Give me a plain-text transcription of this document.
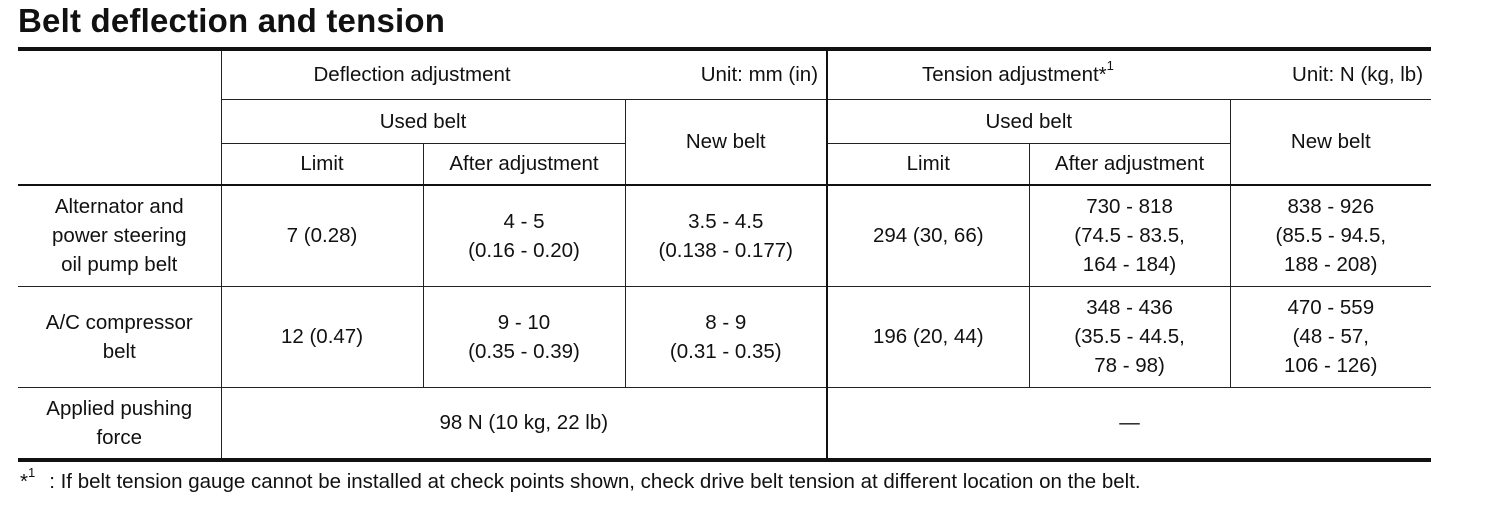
Belt deflection and tension

	Deflection adjustment Unit: mm (in)			Tension adjustment*$^1$ Unit: N (kg, lb)		

	Used belt		New belt	Used belt		New belt
	Limit	After adjustment		Limit	After adjustment	

Alternator and
power steering
oil pump belt	7 (0.28)	4 - 5
(0.16 - 0.20)	3.5 - 4.5
(0.138 - 0.177)	294 (30, 66)	730 - 818
(74.5 - 83.5,
164 - 184)	838 - 926
(85.5 - 94.5,
188 - 208)

A/C compressor
belt	12 (0.47)	9 - 10
(0.35 - 0.39)	8 - 9
(0.31 - 0.35)	196 (20, 44)	348 - 436
(35.5 - 44.5,
78 - 98)	470 - 559
(48 - 57,
106 - 126)

Applied pushing
force	98 N (10 kg, 22 lb)			—		
*$^1$ : If belt tension gauge cannot be installed at check points shown, check drive belt tension at different location on the belt.
